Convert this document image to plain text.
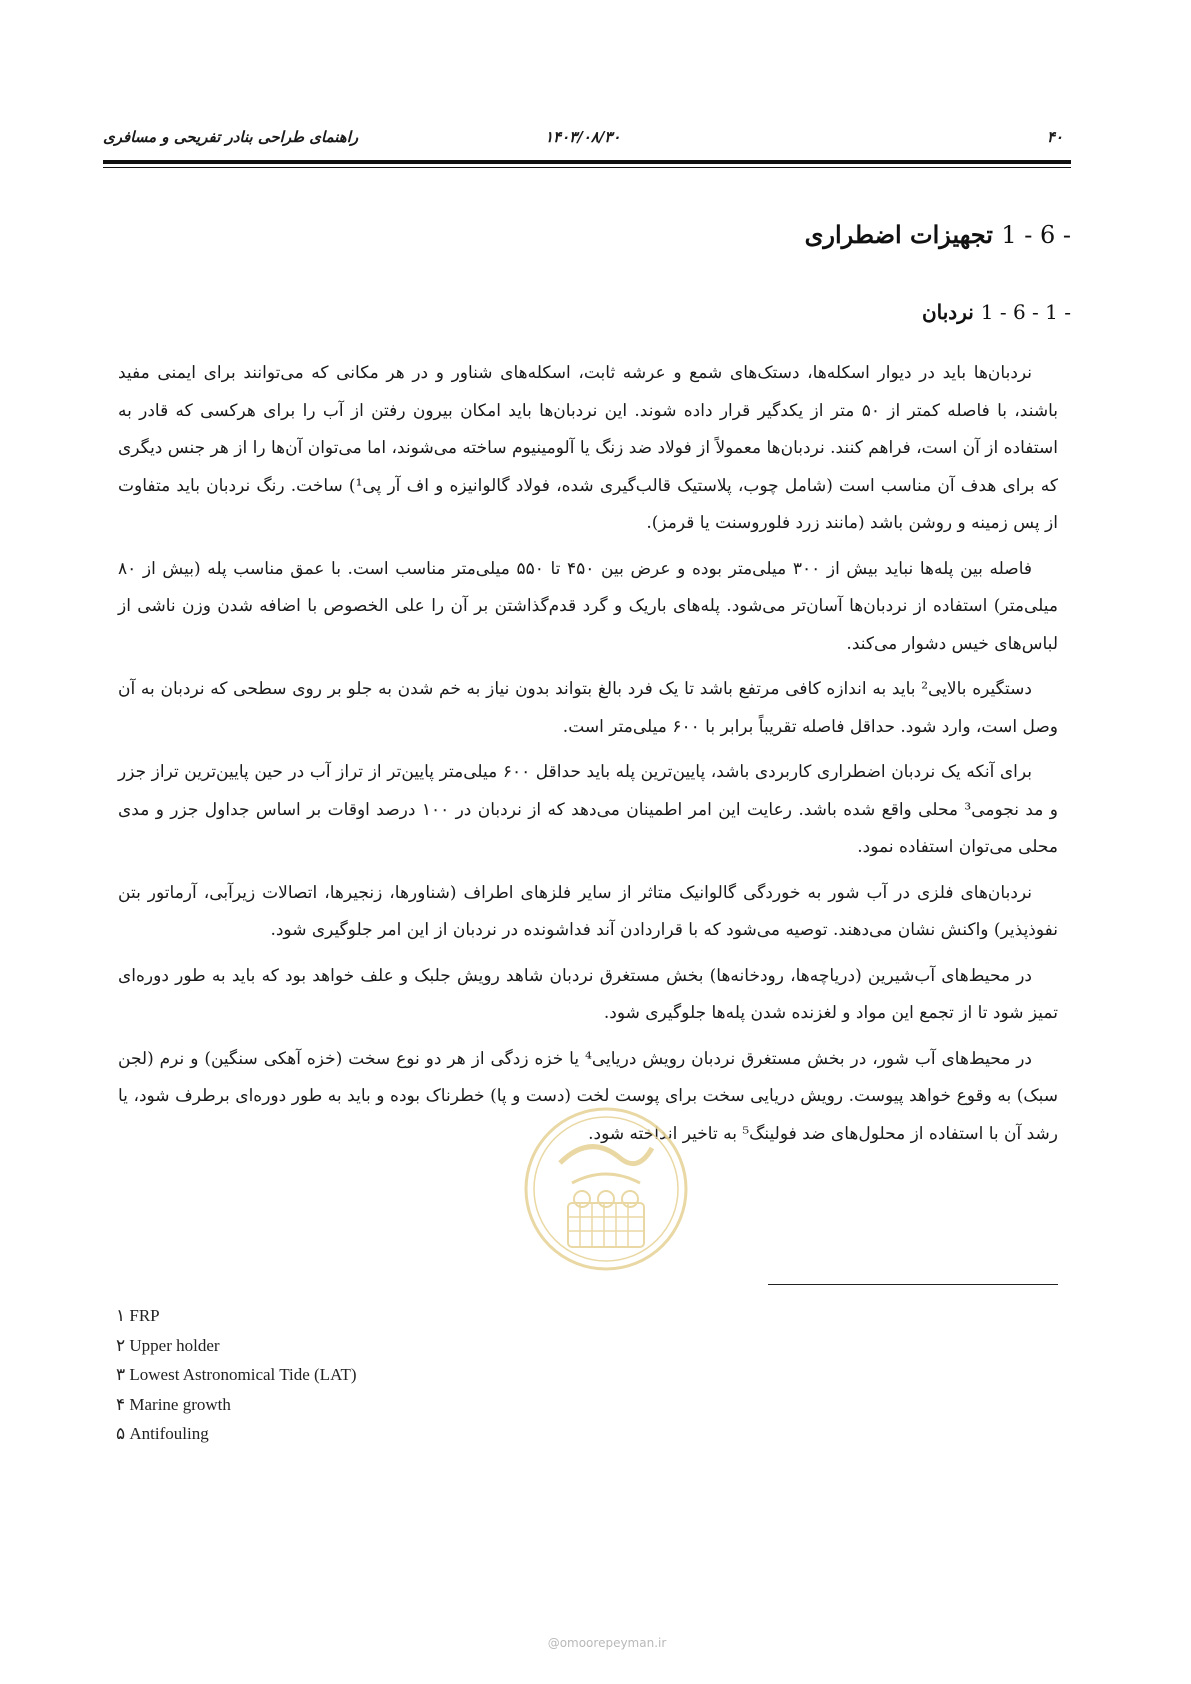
۴۰
۱۴۰۳/۰۸/۳۰
راهنمای طراحی بنادر تفریحی و مسافری
1 - 6 - تجهیزات اضطراری
1 - 6 - 1 - نردبان

نردبان‌ها باید در دیوار اسکله‌ها، دستک‌های شمع و عرشه ثابت، اسکله‌های شناور و در هر مکانی که می‌توانند برای ایمنی مفید باشند، با فاصله کمتر از ۵۰ متر از یکدگیر قرار داده شوند. این نردبان‌ها باید امکان بیرون رفتن از آب را برای هرکسی که قادر به استفاده از آن است، فراهم کنند. نردبان‌ها معمولاً از فولاد ضد زنگ یا آلومینیوم ساخته می‌شوند، اما می‌توان آن‌ها را از هر جنس دیگری که برای هدف آن مناسب است (شامل چوب، پلاستیک قالب‌گیری شده، فولاد گالوانیزه و اف آر پی¹) ساخت. رنگ نردبان باید متفاوت از پس زمینه و روشن باشد (مانند زرد فلوروسنت یا قرمز).

فاصله بین پله‌ها نباید بیش از ۳۰۰ میلی‌متر بوده و عرض بین ۴۵۰ تا ۵۵۰ میلی‌متر مناسب است. با عمق مناسب پله (بیش از ۸۰ میلی‌متر) استفاده از نردبان‌ها آسان‌تر می‌شود. پله‌های باریک و گرد قدم‌گذاشتن بر آن را علی الخصوص با اضافه شدن وزن ناشی از لباس‌های خیس دشوار می‌کند.

دستگیره بالایی² باید به اندازه کافی مرتفع باشد تا یک فرد بالغ بتواند بدون نیاز به خم شدن به جلو بر روی سطحی که نردبان به آن وصل است، وارد شود. حداقل فاصله تقریباً برابر با ۶۰۰ میلی‌متر است.

برای آنکه یک نردبان اضطراری کاربردی باشد، پایین‌ترین پله باید حداقل ۶۰۰ میلی‌متر پایین‌تر از تراز آب در حین پایین‌ترین تراز جزر و مد نجومی³ محلی واقع شده باشد. رعایت این امر اطمینان می‌دهد که از نردبان در ۱۰۰ درصد اوقات بر اساس جداول جزر و مدی محلی می‌توان استفاده نمود.

نردبان‌های فلزی در آب شور به خوردگی گالوانیک متاثر از سایر فلزهای اطراف (شناورها، زنجیرها، اتصالات زیرآبی، آرماتور بتن نفوذپذیر) واکنش نشان می‌دهند. توصیه می‌شود که با قراردادن آند فداشونده در نردبان از این امر جلوگیری شود.

در محیط‌های آب‌شیرین (دریاچه‌ها، رودخانه‌ها) بخش مستغرق نردبان شاهد رویش جلبک و علف خواهد بود که باید به طور دوره‌ای تمیز شود تا از تجمع این مواد و لغزنده شدن پله‌ها جلوگیری شود.

در محیط‌های آب شور، در بخش مستغرق نردبان رویش دریایی⁴ یا خزه زدگی از هر دو نوع سخت (خزه آهکی سنگین) و نرم (لجن سبک) به وقوع خواهد پیوست. رویش دریایی سخت برای پوست لخت (دست و پا) خطرناک بوده و باید به طور دوره‌ای برطرف شود، یا رشد آن با استفاده از محلول‌های ضد فولینگ⁵ به تاخیر انداخته شود.

۱ FRP
۲ Upper holder
۳ Lowest Astronomical Tide (LAT)
۴ Marine growth
۵ Antifouling
@omoorepeyman.ir
